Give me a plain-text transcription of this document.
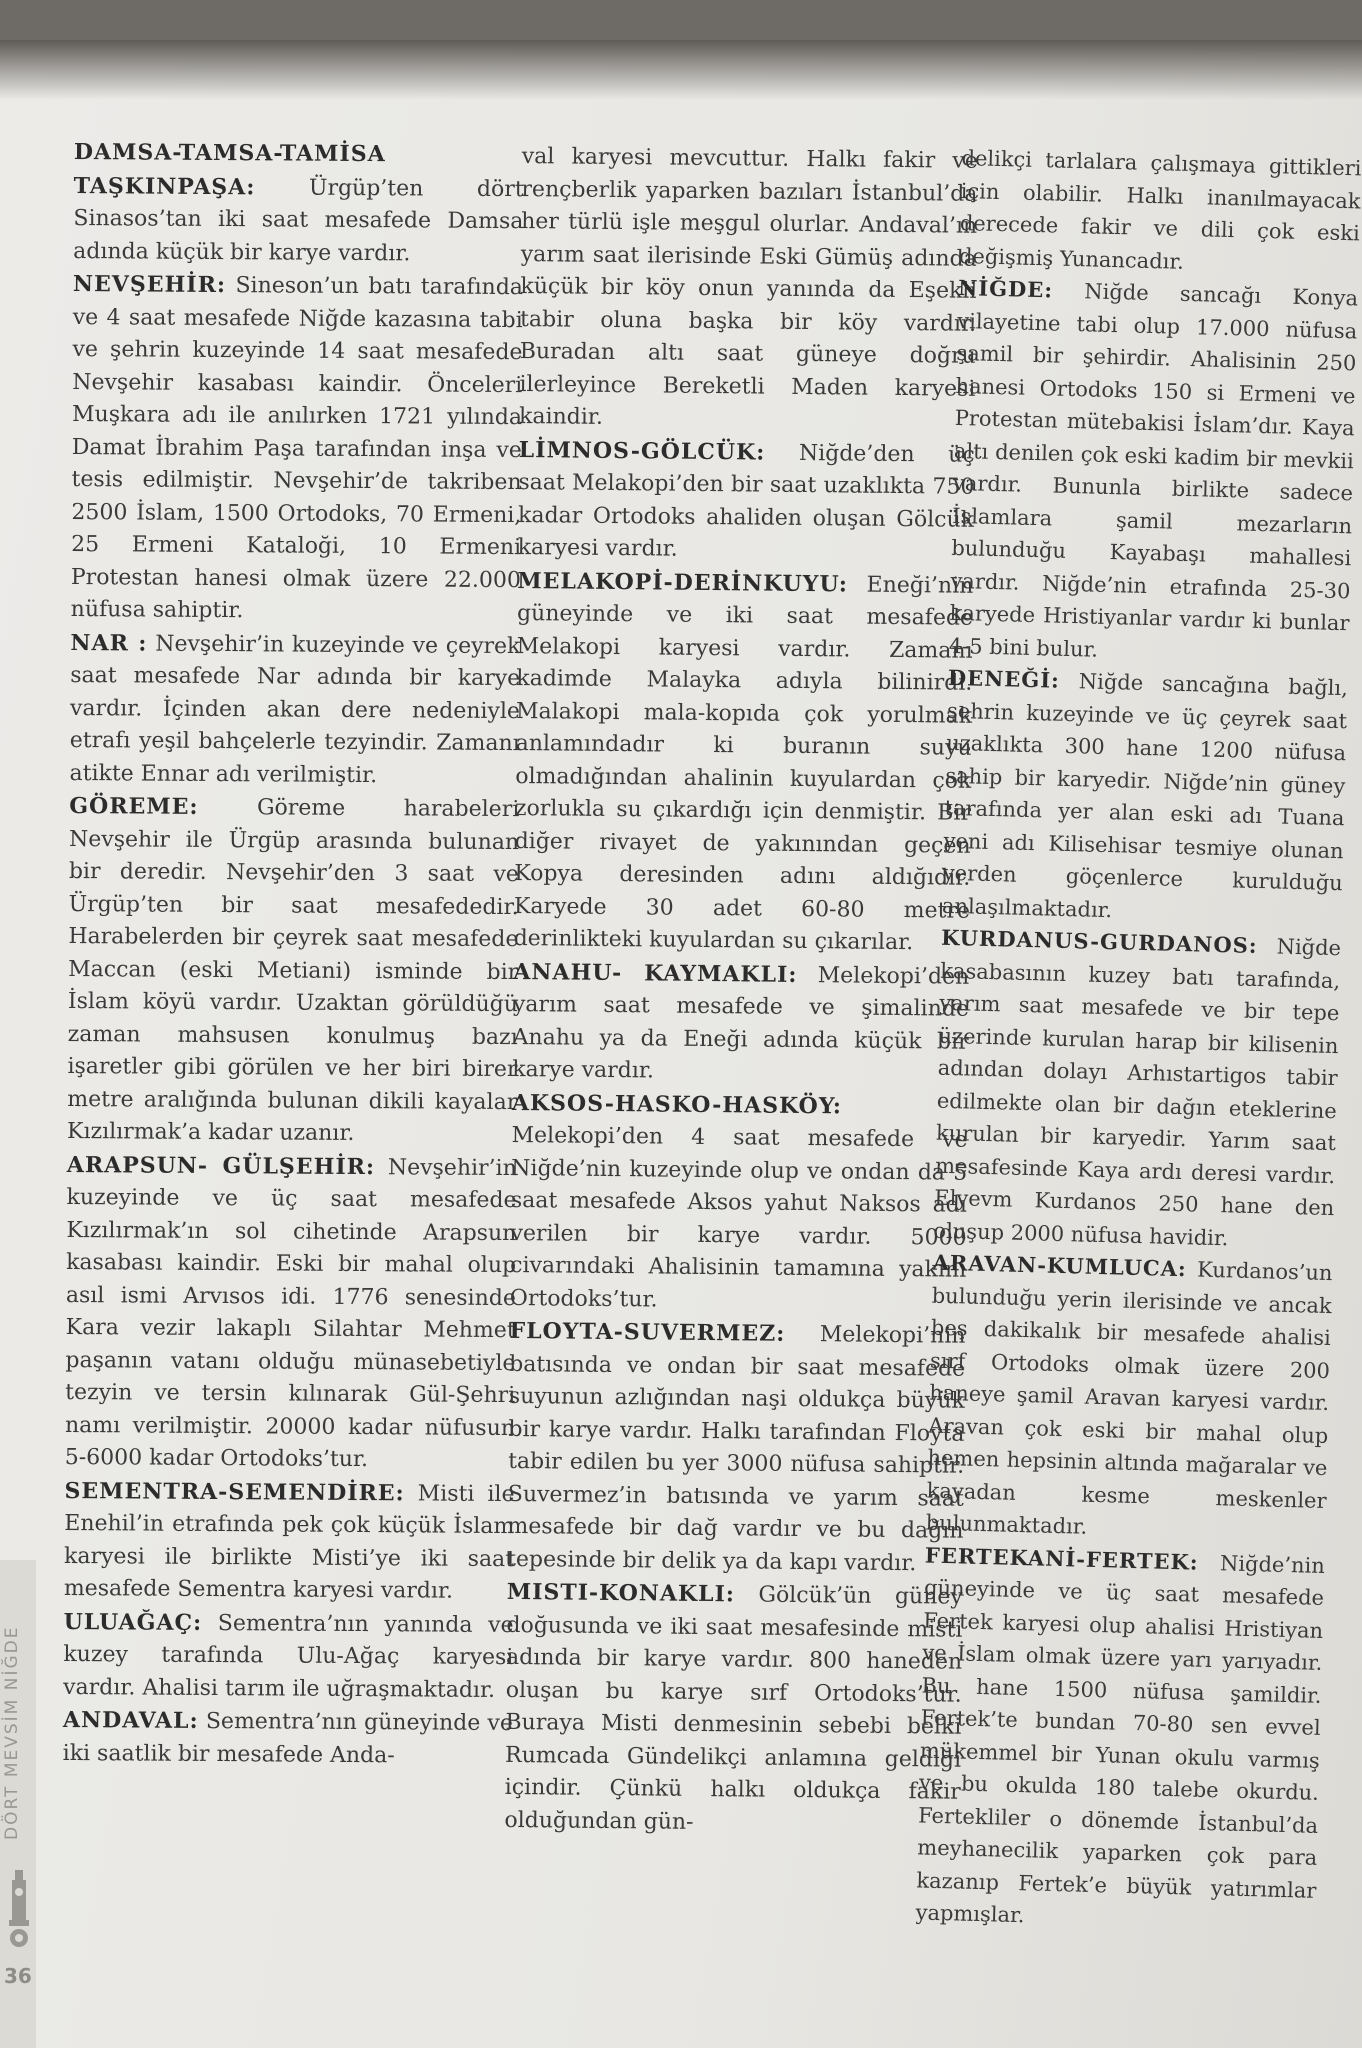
DAMSA-TAMSA-TAMİSA

TAŞKINPAŞA: Ürgüp’ten dört Sinasos’tan iki saat mesafede Damsa adında küçük bir karye vardır.

NEVŞEHİR: Sineson’un batı tarafında ve 4 saat mesafede Niğde kazasına tabi ve şehrin kuzeyinde 14 saat mesafede Nevşehir kasabası kaindir. Önceleri Muşkara adı ile anılırken 1721 yılında Damat İbrahim Paşa tarafından inşa ve tesis edilmiştir. Nevşehir’de takriben 2500 İslam, 1500 Ortodoks, 70 Ermeni, 25 Ermeni Kataloği, 10 Ermeni Protestan hanesi olmak üzere 22.000 nüfusa sahiptir.

NAR : Nevşehir’in kuzeyinde ve çeyrek saat mesafede Nar adında bir karye vardır. İçinden akan dere nedeniyle etrafı yeşil bahçelerle tezyindir. Zamanı atikte Ennar adı verilmiştir.

GÖREME: Göreme harabeleri Nevşehir ile Ürgüp arasında bulunan bir deredir. Nevşehir’den 3 saat ve Ürgüp’ten bir saat mesafededir. Harabelerden bir çeyrek saat mesafede Maccan (eski Metiani) isminde bir İslam köyü vardır. Uzaktan görüldüğü zaman mahsusen konulmuş bazı işaretler gibi görülen ve her biri birer metre aralığında bulunan dikili kayalar Kızılırmak’a kadar uzanır.

ARAPSUN- GÜLŞEHİR: Nevşehir’in kuzeyinde ve üç saat mesafede Kızılırmak’ın sol cihetinde Arapsun kasabası kaindir. Eski bir mahal olup asıl ismi Arvısos idi. 1776 senesinde Kara vezir lakaplı Silahtar Mehmet paşanın vatanı olduğu münasebetiyle tezyin ve tersin kılınarak Gül-Şehri namı verilmiştir. 20000 kadar nüfusun 5-6000 kadar Ortodoks’tur.

SEMENTRA-SEMENDİRE: Misti ile Enehil’in etrafında pek çok küçük İslam karyesi ile birlikte Misti’ye iki saat mesafede Sementra karyesi vardır.

ULUAĞAÇ: Sementra’nın yanında ve kuzey tarafında Ulu-Ağaç karyesi vardır. Ahalisi tarım ile uğraşmaktadır.

ANDAVAL: Sementra’nın güneyinde ve iki saatlik bir mesafede Anda-

val karyesi mevcuttur. Halkı fakir ve rençberlik yaparken bazıları İstanbul’da her türlü işle meşgul olurlar. Andaval’ın yarım saat ilerisinde Eski Gümüş adında küçük bir köy onun yanında da Eşekli tabir oluna başka bir köy vardır. Buradan altı saat güneye doğru ilerleyince Bereketli Maden karyesi kaindir.

LİMNOS-GÖLCÜK: Niğde’den üç saat Melakopi’den bir saat uzaklıkta 750 kadar Ortodoks ahaliden oluşan Gölcük karyesi vardır.

MELAKOPİ-DERİNKUYU: Eneği’nin güneyinde ve iki saat mesafede Melakopi karyesi vardır. Zamanı kadimde Malayka adıyla bilinirdi. Malakopi mala-kopıda çok yorulmak anlamındadır ki buranın suyu olmadığından ahalinin kuyulardan çok zorlukla su çıkardığı için denmiştir. Bir diğer rivayet de yakınından geçen Kopya deresinden adını aldığıdır. Karyede 30 adet 60-80 metre derinlikteki kuyulardan su çıkarılar.

ANAHU- KAYMAKLI: Melekopi’den yarım saat mesafede ve şimalinde Anahu ya da Eneği adında küçük bir karye vardır.

AKSOS-HASKO-HASKÖY: Melekopi’den 4 saat mesafede ve Niğde’nin kuzeyinde olup ve ondan da 5 saat mesafede Aksos yahut Naksos adı verilen bir karye vardır. 5000 civarındaki Ahalisinin tamamına yakını Ortodoks’tur.

FLOYTA-SUVERMEZ: Melekopi’nin batısında ve ondan bir saat mesafede suyunun azlığından naşi oldukça büyük bir karye vardır. Halkı tarafından Floyta tabir edilen bu yer 3000 nüfusa sahiptir. Suvermez’in batısında ve yarım saat mesafede bir dağ vardır ve bu dağın tepesinde bir delik ya da kapı vardır.

MISTI-KONAKLI: Gölcük’ün güney doğusunda ve iki saat mesafesinde misti adında bir karye vardır. 800 haneden oluşan bu karye sırf Ortodoks’tur. Buraya Misti denmesinin sebebi belki Rumcada Gündelikçi anlamına geldiği içindir. Çünkü halkı oldukça fakir olduğundan gün-

delikçi tarlalara çalışmaya gittikleri için olabilir. Halkı inanılmayacak derecede fakir ve dili çok eski değişmiş Yunancadır.

NİĞDE: Niğde sancağı Konya vilayetine tabi olup 17.000 nüfusa şamil bir şehirdir. Ahalisinin 250 hanesi Ortodoks 150 si Ermeni ve Protestan mütebakisi İslam’dır. Kaya altı denilen çok eski kadim bir mevkii vardır. Bununla birlikte sadece İslamlara şamil mezarların bulunduğu Kayabaşı mahallesi vardır. Niğde’nin etrafında 25-30 karyede Hristiyanlar vardır ki bunlar 4-5 bini bulur.

DENEĞİ: Niğde sancağına bağlı, şehrin kuzeyinde ve üç çeyrek saat uzaklıkta 300 hane 1200 nüfusa sahip bir karyedir. Niğde’nin güney tarafında yer alan eski adı Tuana yeni adı Kilisehisar tesmiye olunan yerden göçenlerce kurulduğu anlaşılmaktadır.

KURDANUS-GURDANOS: Niğde kasabasının kuzey batı tarafında, yarım saat mesafede ve bir tepe üzerinde kurulan harap bir kilisenin adından dolayı Arhıstartigos tabir edilmekte olan bir dağın eteklerine kurulan bir karyedir. Yarım saat mesafesinde Kaya ardı deresi vardır. Elyevm Kurdanos 250 hane den oluşup 2000 nüfusa havidir.

ARAVAN-KUMLUCA: Kurdanos’un bulunduğu yerin ilerisinde ve ancak beş dakikalık bir mesafede ahalisi sırf Ortodoks olmak üzere 200 haneye şamil Aravan karyesi vardır. Aravan çok eski bir mahal olup hemen hepsinin altında mağaralar ve kayadan kesme meskenler bulunmaktadır.

FERTEKANİ-FERTEK: Niğde’nin güneyinde ve üç saat mesafede Fertek karyesi olup ahalisi Hristiyan ve İslam olmak üzere yarı yarıyadır. Bu hane 1500 nüfusa şamildir. Fertek’te bundan 70-80 sen evvel mükemmel bir Yunan okulu varmış ve bu okulda 180 talebe okurdu. Fertekliler o dönemde İstanbul’da meyhanecilik yaparken çok para kazanıp Fertek’e büyük yatırımlar yapmışlar.

DÖRT MEVSİM NİĞDE
36
